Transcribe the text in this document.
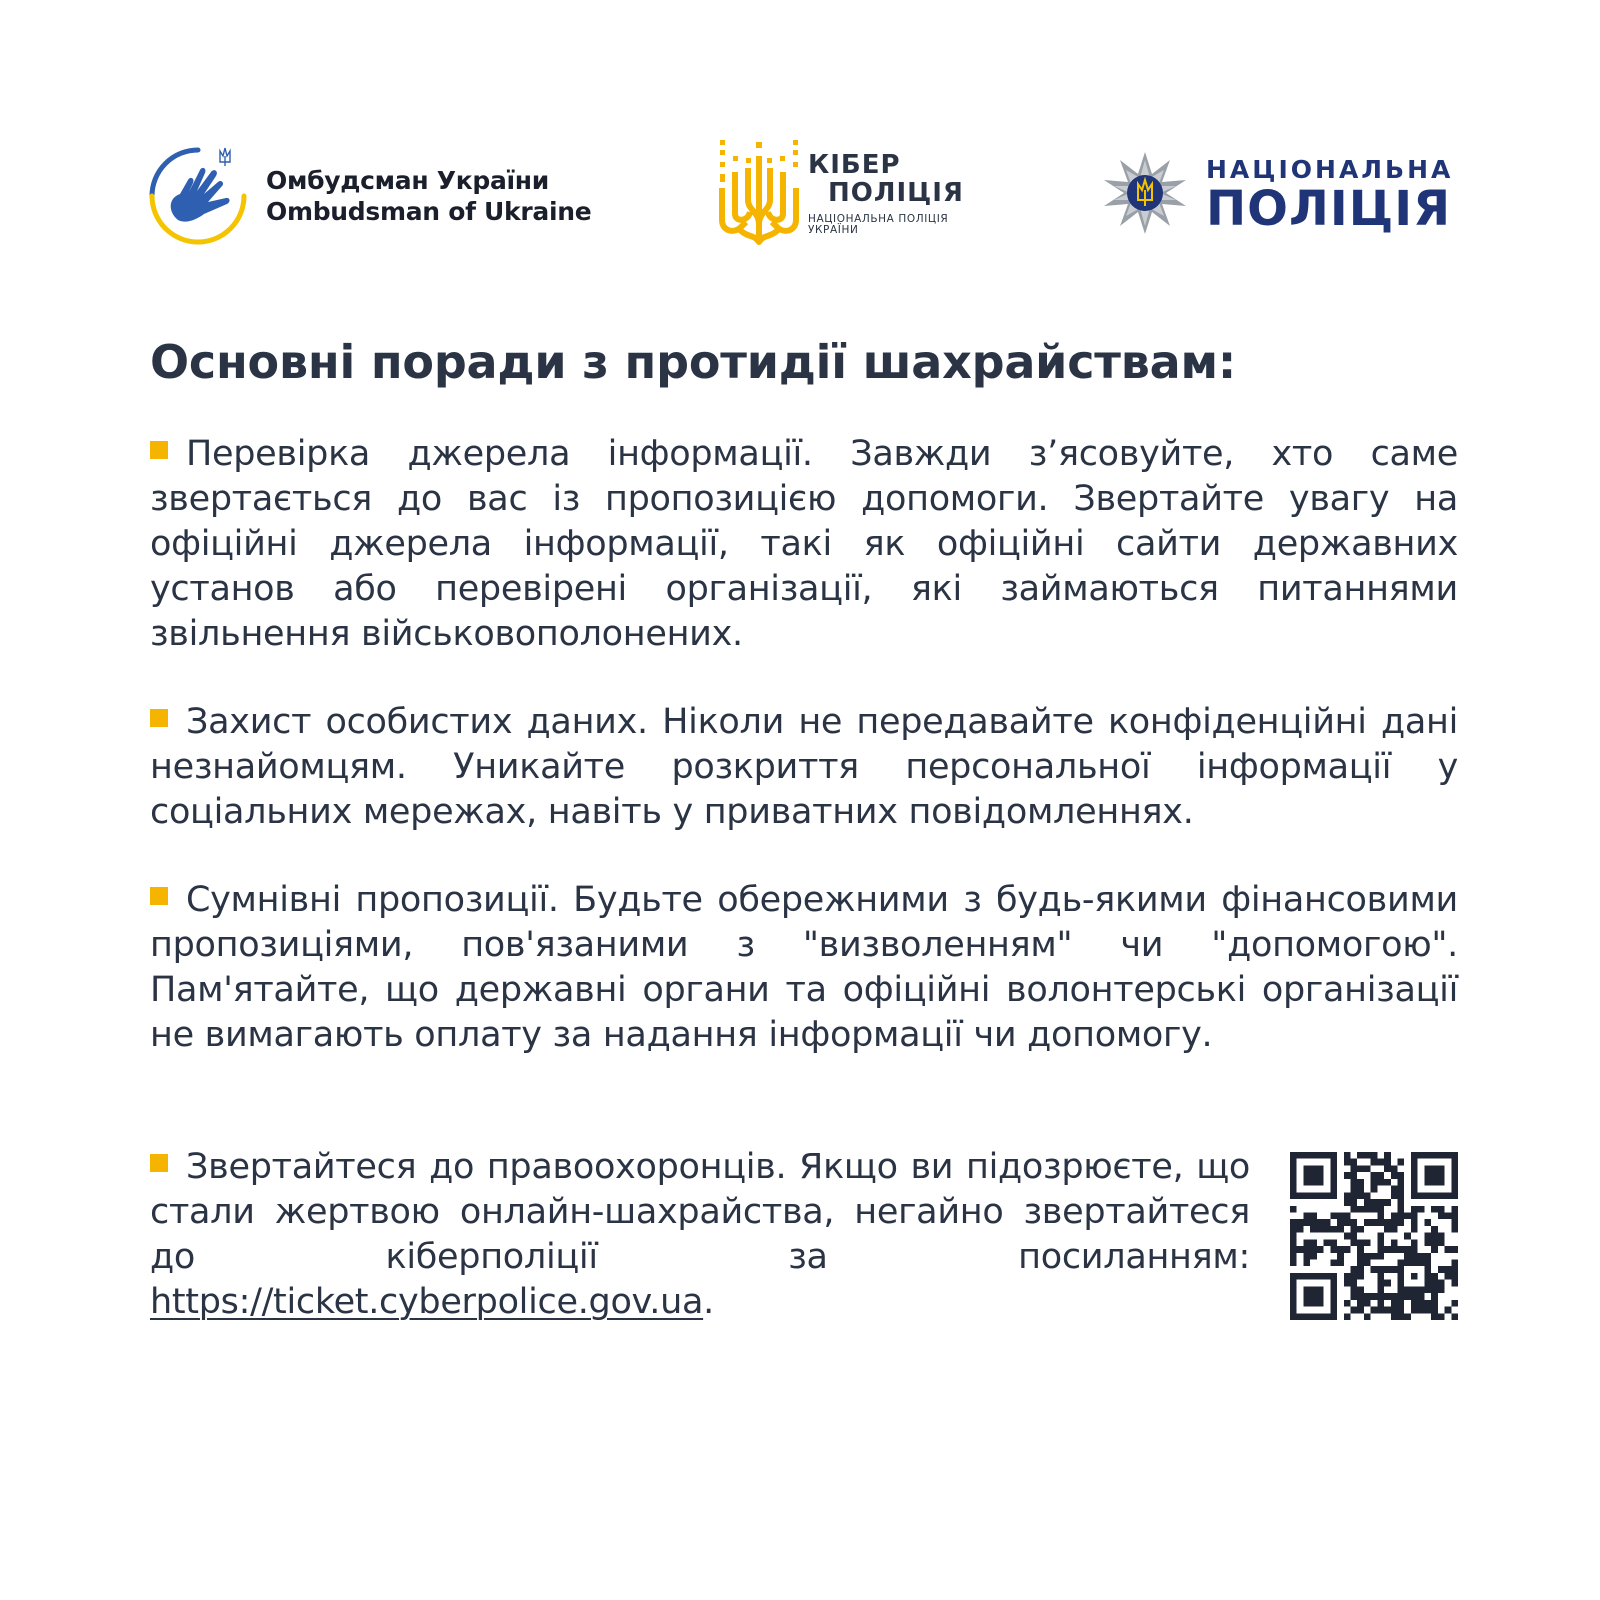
Омбудсман України
Ombudsman of Ukraine
КІБЕР
ПОЛІЦІЯ
НАЦІОНАЛЬНА ПОЛІЦІЯ
УКРАЇНИ
НАЦІОНАЛЬНА
ПОЛІЦІЯ
Основні поради з протидії шахрайствам:

Перевірка джерела інформації. Завжди з’ясовуйте, хто саме звертається до вас із пропозицією допомоги. Звертайте увагу на офіційні джерела інформації, такі як офіційні сайти державних установ або перевірені організації, які займаються питаннями звільнення військовополонених.

Захист особистих даних. Ніколи не передавайте конфіденційні дані незнайомцям. Уникайте розкриття персональної інформації у соціальних мережах, навіть у приватних повідомленнях.

Сумнівні пропозиції. Будьте обережними з будь-якими фінансовими пропозиціями, пов'язаними з "визволенням" чи "допомогою". Пам'ятайте, що державні органи та офіційні волонтерські організації не вимагають оплату за надання інформації чи допомогу.

Звертайтеся до правоохоронців. Якщо ви підозрюєте, що стали жертвою онлайн-шахрайства, негайно звертайтеся до кіберполіції за посиланням: https://ticket.cyberpolice.gov.ua.
